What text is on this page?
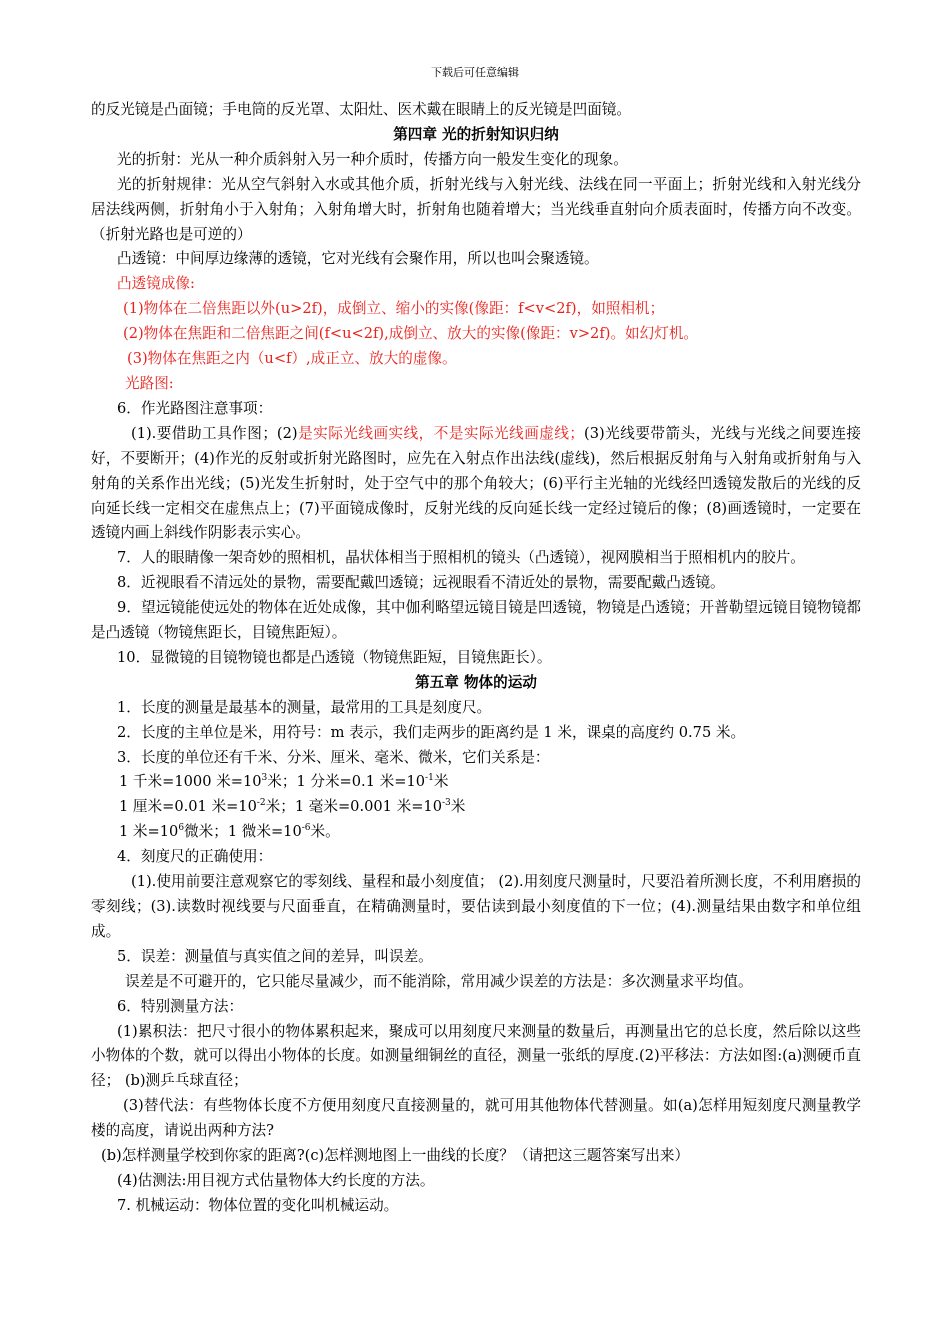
下载后可任意编辑

的反光镜是凸面镜；手电筒的反光罩、太阳灶、医术戴在眼睛上的反光镜是凹面镜。

第四章 光的折射知识归纳

光的折射：光从一种介质斜射入另一种介质时，传播方向一般发生变化的现象。

光的折射规律：光从空气斜射入水或其他介质，折射光线与入射光线、法线在同一平面上；折射光线和入射光线分居法线两侧，折射角小于入射角；入射角增大时，折射角也随着增大；当光线垂直射向介质表面时，传播方向不改变。（折射光路也是可逆的）

凸透镜：中间厚边缘薄的透镜，它对光线有会聚作用，所以也叫会聚透镜。

凸透镜成像:

(1)物体在二倍焦距以外(u>2f)，成倒立、缩小的实像(像距：f<v<2f)，如照相机；

(2)物体在焦距和二倍焦距之间(f<u<2f),成倒立、放大的实像(像距：v>2f)。如幻灯机。

(3)物体在焦距之内（u<f）,成正立、放大的虚像。

光路图:

6．作光路图注意事项：

(1).要借助工具作图；(2)是实际光线画实线，不是实际光线画虚线；(3)光线要带箭头，光线与光线之间要连接好，不要断开；(4)作光的反射或折射光路图时，应先在入射点作出法线(虚线)，然后根据反射角与入射角或折射角与入射角的关系作出光线；(5)光发生折射时，处于空气中的那个角较大；(6)平行主光轴的光线经凹透镜发散后的光线的反向延长线一定相交在虚焦点上；(7)平面镜成像时，反射光线的反向延长线一定经过镜后的像；(8)画透镜时，一定要在透镜内画上斜线作阴影表示实心。

7．人的眼睛像一架奇妙的照相机，晶状体相当于照相机的镜头（凸透镜），视网膜相当于照相机内的胶片。

8．近视眼看不清远处的景物，需要配戴凹透镜；远视眼看不清近处的景物，需要配戴凸透镜。

9．望远镜能使远处的物体在近处成像，其中伽利略望远镜目镜是凹透镜，物镜是凸透镜；开普勒望远镜目镜物镜都是凸透镜（物镜焦距长，目镜焦距短）。

10．显微镜的目镜物镜也都是凸透镜（物镜焦距短，目镜焦距长）。

第五章 物体的运动

1．长度的测量是最基本的测量，最常用的工具是刻度尺。

2．长度的主单位是米，用符号：m 表示，我们走两步的距离约是 1 米，课桌的高度约 0.75 米。

3．长度的单位还有千米、分米、厘米、毫米、微米，它们关系是：

1 千米=1000 米$=10^3$米；1 分米=0.1 米$=10^{-1}$米

1 厘米=0.01 米$=10^{-2}$米；1 毫米=0.001 米$=10^{-3}$米

1 米$=10^6$微米；1 微米$=10^{-6}$米。

4．刻度尺的正确使用：

(1).使用前要注意观察它的零刻线、量程和最小刻度值； (2).用刻度尺测量时，尺要沿着所测长度，不利用磨损的零刻线；(3).读数时视线要与尺面垂直，在精确测量时，要估读到最小刻度值的下一位；(4).测量结果由数字和单位组成。

5．误差：测量值与真实值之间的差异，叫误差。

误差是不可避开的，它只能尽量减少，而不能消除，常用减少误差的方法是：多次测量求平均值。

6．特别测量方法：

(1)累积法：把尺寸很小的物体累积起来，聚成可以用刻度尺来测量的数量后，再测量出它的总长度，然后除以这些小物体的个数，就可以得出小物体的长度。如测量细铜丝的直径，测量一张纸的厚度.(2)平移法：方法如图:(a)测硬币直径； (b)测乒乓球直径；

(3)替代法：有些物体长度不方便用刻度尺直接测量的，就可用其他物体代替测量。如(a)怎样用短刻度尺测量教学楼的高度，请说出两种方法?

(b)怎样测量学校到你家的距离?(c)怎样测地图上一曲线的长度？（请把这三题答案写出来）

(4)估测法:用目视方式估量物体大约长度的方法。

7. 机械运动：物体位置的变化叫机械运动。
